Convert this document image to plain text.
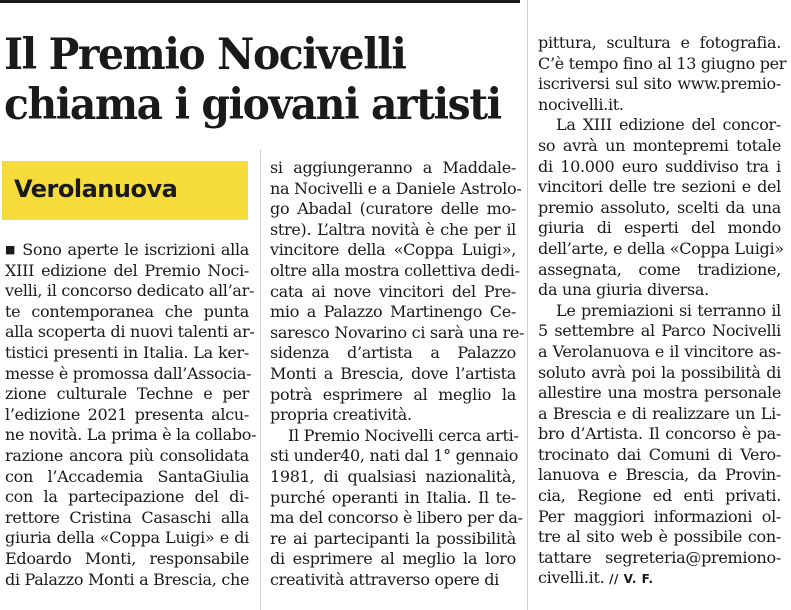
Il Premio Nocivelli
chiama i giovani artisti
Verolanuova
■ Sono aperte le iscrizioni alla
XIII edizione del Premio Noci-
velli, il concorso dedicato all’ar-
te contemporanea che punta
alla scoperta di nuovi talenti ar-
tistici presenti in Italia. La ker-
messe è promossa dall’Associa-
zione culturale Techne e per
l’edizione 2021 presenta alcu-
ne novità. La prima è la collabo-
razione ancora più consolidata
con l’Accademia SantaGiulia
con la partecipazione del di-
rettore Cristina Casaschi alla
giuria della «Coppa Luigi» e di
Edoardo Monti, responsabile
di Palazzo Monti a Brescia, che
si aggiungeranno a Maddale-
na Nocivelli e a Daniele Astrolo-
go Abadal (curatore delle mo-
stre). L’altra novità è che per il
vincitore della «Coppa Luigi»,
oltre alla mostra collettiva dedi-
cata ai nove vincitori del Pre-
mio a Palazzo Martinengo Ce-
saresco Novarino ci sarà una re-
sidenza d’artista a Palazzo
Monti a Brescia, dove l’artista
potrà esprimere al meglio la
propria creatività.
Il Premio Nocivelli cerca arti-
sti under40, nati dal 1° gennaio
1981, di qualsiasi nazionalità,
purché operanti in Italia. Il te-
ma del concorso è libero per da-
re ai partecipanti la possibilità
di esprimere al meglio la loro
creatività attraverso opere di
pittura, scultura e fotografia.
C’è tempo fino al 13 giugno per
iscriversi sul sito www.premio-
nocivelli.it.
La XIII edizione del concor-
so avrà un montepremi totale
di 10.000 euro suddiviso tra i
vincitori delle tre sezioni e del
premio assoluto, scelti da una
giuria di esperti del mondo
dell’arte, e della «Coppa Luigi»
assegnata, come tradizione,
da una giuria diversa.
Le premiazioni si terranno il
5 settembre al Parco Nocivelli
a Verolanuova e il vincitore as-
soluto avrà poi la possibilità di
allestire una mostra personale
a Brescia e di realizzare un Li-
bro d’Artista. Il concorso è pa-
trocinato dai Comuni di Vero-
lanuova e Brescia, da Provin-
cia, Regione ed enti privati.
Per maggiori informazioni ol-
tre al sito web è possibile con-
tattare segreteria@premiono-
civelli.it. // V. F.
